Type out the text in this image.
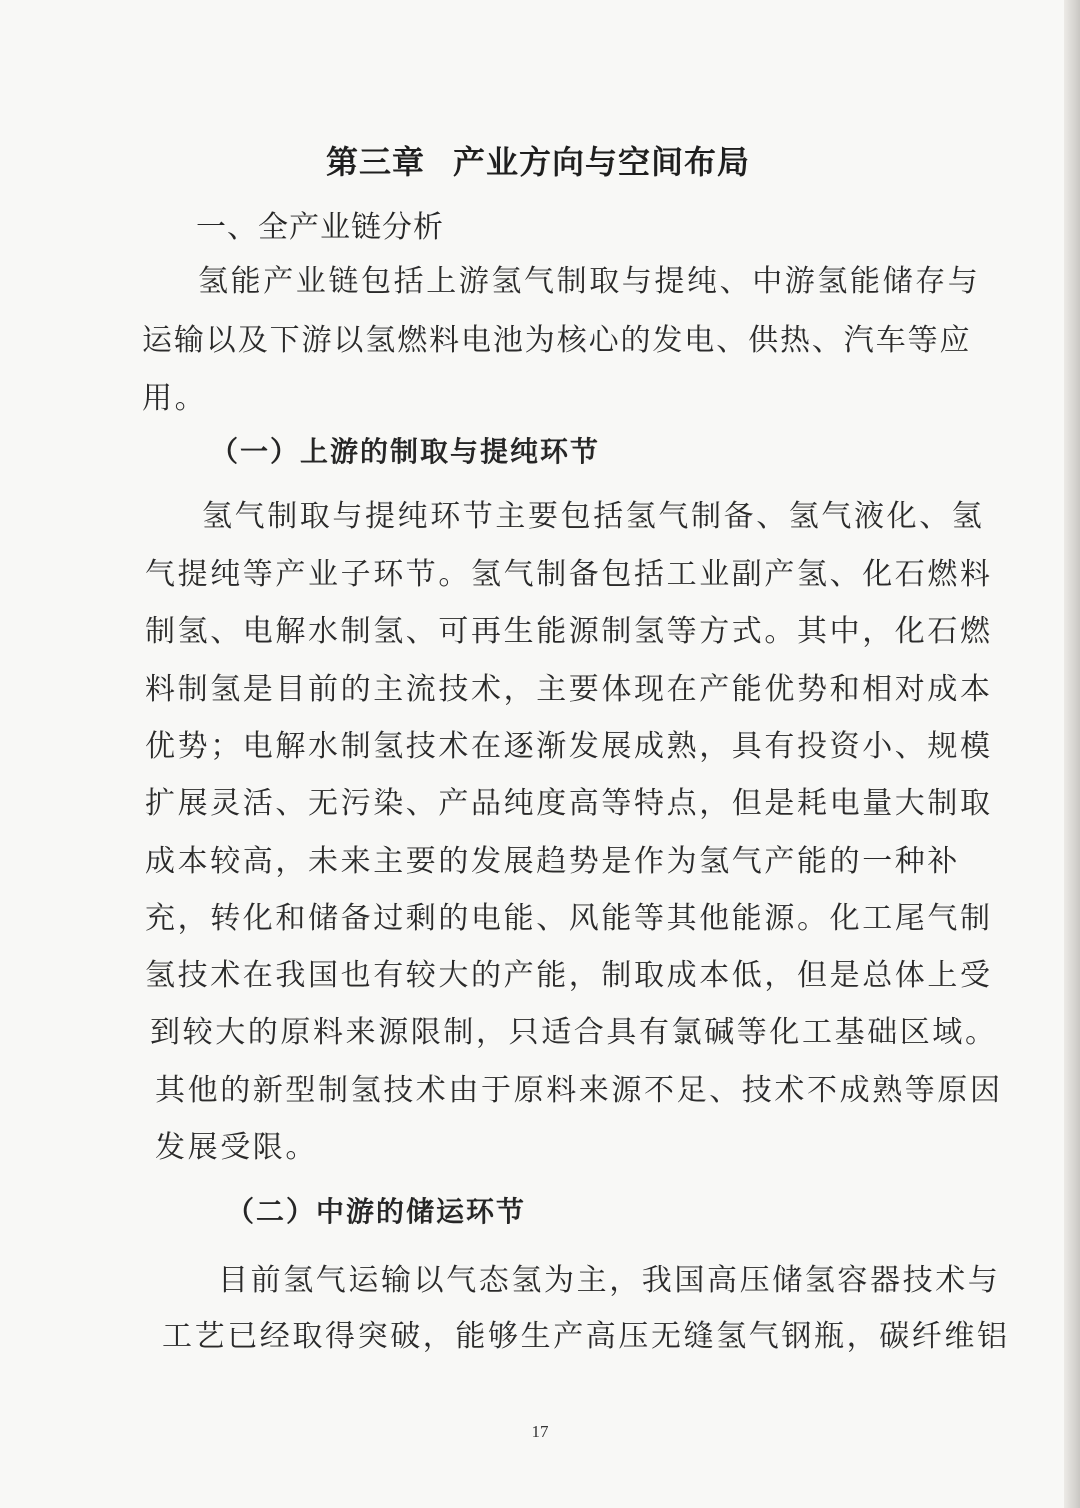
第三章 产业方向与空间布局
一、全产业链分析
氢能产业链包括上游氢气制取与提纯、中游氢能储存与
运输以及下游以氢燃料电池为核心的发电、供热、汽车等应
用。
（一）上游的制取与提纯环节
氢气制取与提纯环节主要包括氢气制备、氢气液化、氢
气提纯等产业子环节。氢气制备包括工业副产氢、化石燃料
制氢、电解水制氢、可再生能源制氢等方式。其中，化石燃
料制氢是目前的主流技术，主要体现在产能优势和相对成本
优势；电解水制氢技术在逐渐发展成熟，具有投资小、规模
扩展灵活、无污染、产品纯度高等特点，但是耗电量大制取
成本较高，未来主要的发展趋势是作为氢气产能的一种补
充，转化和储备过剩的电能、风能等其他能源。化工尾气制
氢技术在我国也有较大的产能，制取成本低，但是总体上受
到较大的原料来源限制，只适合具有氯碱等化工基础区域。
其他的新型制氢技术由于原料来源不足、技术不成熟等原因
发展受限。
（二）中游的储运环节
目前氢气运输以气态氢为主，我国高压储氢容器技术与
工艺已经取得突破，能够生产高压无缝氢气钢瓶，碳纤维铝
17
